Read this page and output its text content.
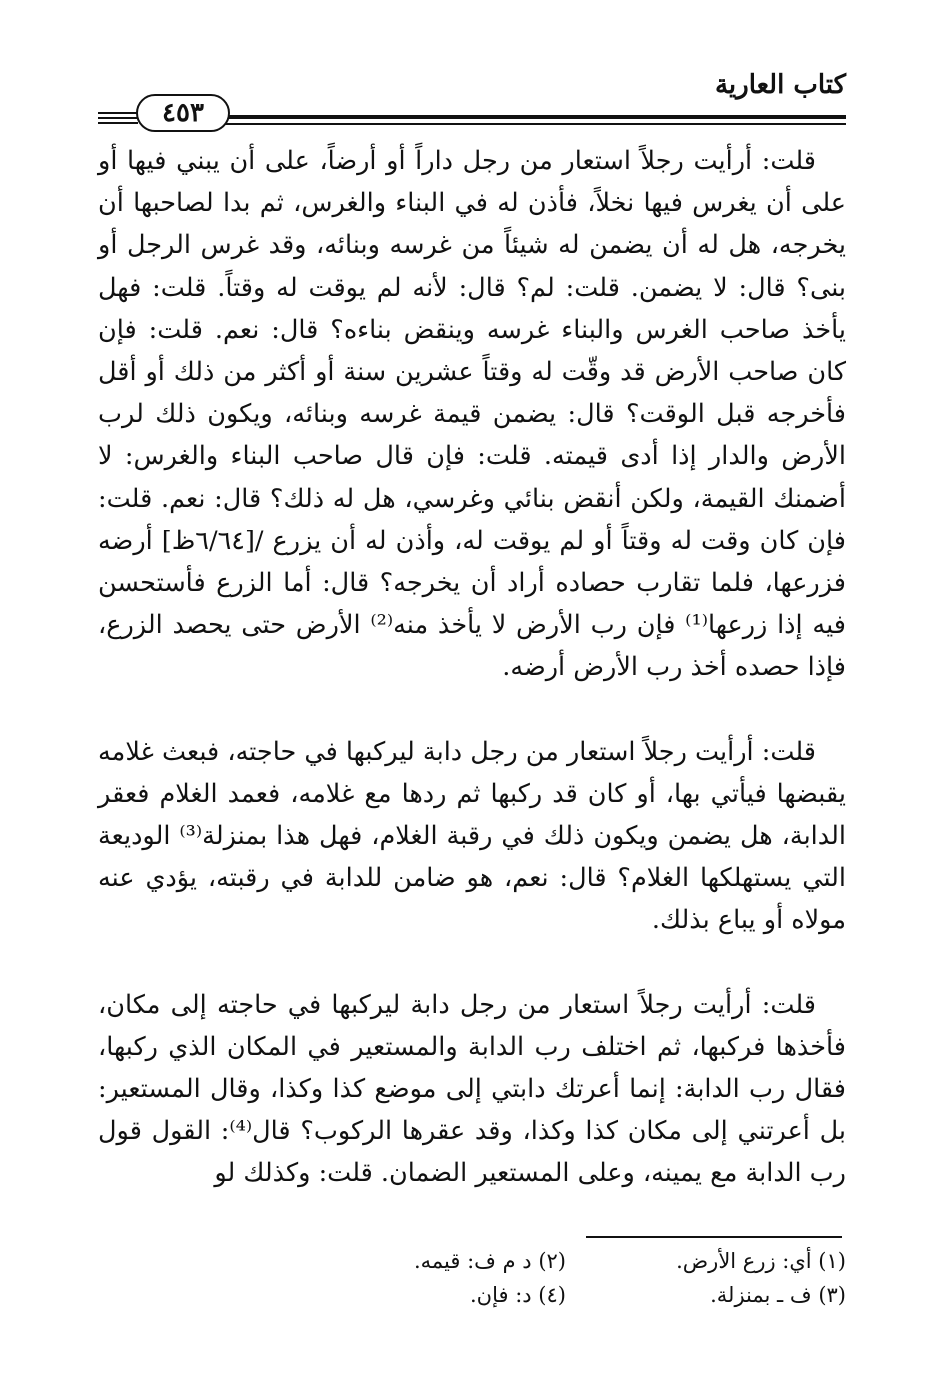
كتاب العارية
٤٥٣

قلت: أرأيت رجلاً استعار من رجل داراً أو أرضاً، على أن يبني فيها أو على أن يغرس فيها نخلاً، فأذن له في البناء والغرس، ثم بدا لصاحبها أن يخرجه، هل له أن يضمن له شيئاً من غرسه وبنائه، وقد غرس الرجل أو بنى؟ قال: لا يضمن. قلت: لم؟ قال: لأنه لم يوقت له وقتاً. قلت: فهل يأخذ صاحب الغرس والبناء غرسه وينقض بناءه؟ قال: نعم. قلت: فإن كان صاحب الأرض قد وقّت له وقتاً عشرين سنة أو أكثر من ذلك أو أقل فأخرجه قبل الوقت؟ قال: يضمن قيمة غرسه وبنائه، ويكون ذلك لرب الأرض والدار إذا أدى قيمته. قلت: فإن قال صاحب البناء والغرس: لا أضمنك القيمة، ولكن أنقض بنائي وغرسي، هل له ذلك؟ قال: نعم. قلت: فإن كان وقت له وقتاً أو لم يوقت له، وأذن له أن يزرع /[٦/٦٤ظ] أرضه فزرعها، فلما تقارب حصاده أراد أن يخرجه؟ قال: أما الزرع فأستحسن فيه إذا زرعها⁽¹⁾ فإن رب الأرض لا يأخذ منه⁽²⁾ الأرض حتى يحصد الزرع، فإذا حصده أخذ رب الأرض أرضه.

قلت: أرأيت رجلاً استعار من رجل دابة ليركبها في حاجته، فبعث غلامه يقبضها فيأتي بها، أو كان قد ركبها ثم ردها مع غلامه، فعمد الغلام فعقر الدابة، هل يضمن ويكون ذلك في رقبة الغلام، فهل هذا بمنزلة⁽³⁾ الوديعة التي يستهلكها الغلام؟ قال: نعم، هو ضامن للدابة في رقبته، يؤدي عنه مولاه أو يباع بذلك.

قلت: أرأيت رجلاً استعار من رجل دابة ليركبها في حاجته إلى مكان، فأخذها فركبها، ثم اختلف رب الدابة والمستعير في المكان الذي ركبها، فقال رب الدابة: إنما أعرتك دابتي إلى موضع كذا وكذا، وقال المستعير: بل أعرتني إلى مكان كذا وكذا، وقد عقرها الركوب؟ قال⁽⁴⁾: القول قول رب الدابة مع يمينه، وعلى المستعير الضمان. قلت: وكذلك لو

(١) أي: زرع الأرض.
(٢) د م ف: قيمه.
(٣) ف ـ بمنزلة.
(٤) د: فإن.
